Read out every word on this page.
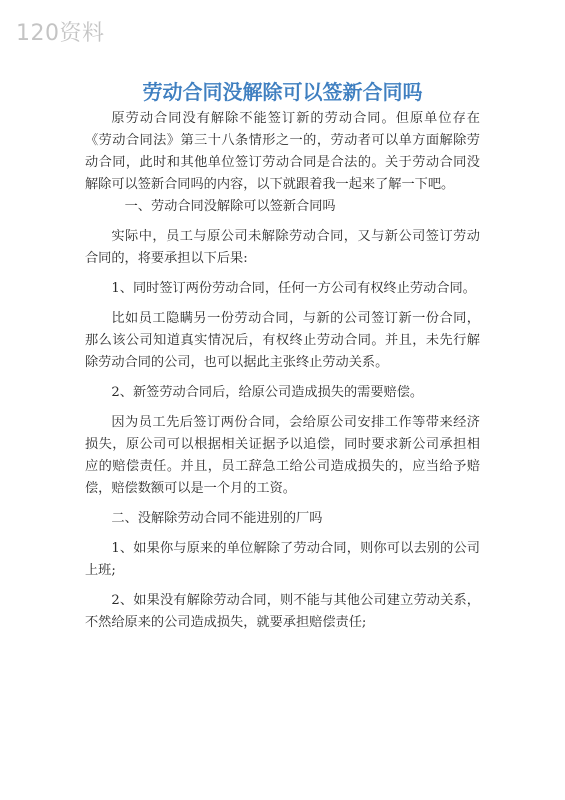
120资料
劳动合同没解除可以签新合同吗

原劳动合同没有解除不能签订新的劳动合同。但原单位存在《劳动合同法》第三十八条情形之一的，劳动者可以单方面解除劳动合同，此时和其他单位签订劳动合同是合法的。关于劳动合同没解除可以签新合同吗的内容，以下就跟着我一起来了解一下吧。

一、劳动合同没解除可以签新合同吗

实际中，员工与原公司未解除劳动合同，又与新公司签订劳动合同的，将要承担以下后果:

1、同时签订两份劳动合同，任何一方公司有权终止劳动合同。

比如员工隐瞒另一份劳动合同，与新的公司签订新一份合同，那么该公司知道真实情况后，有权终止劳动合同。并且，未先行解除劳动合同的公司，也可以据此主张终止劳动关系。

2、新签劳动合同后，给原公司造成损失的需要赔偿。

因为员工先后签订两份合同，会给原公司安排工作等带来经济损失，原公司可以根据相关证据予以追偿，同时要求新公司承担相应的赔偿责任。并且，员工辞急工给公司造成损失的，应当给予赔偿，赔偿数额可以是一个月的工资。

二、没解除劳动合同不能进别的厂吗

1、如果你与原来的单位解除了劳动合同，则你可以去别的公司上班;

2、如果没有解除劳动合同，则不能与其他公司建立劳动关系，不然给原来的公司造成损失，就要承担赔偿责任;
